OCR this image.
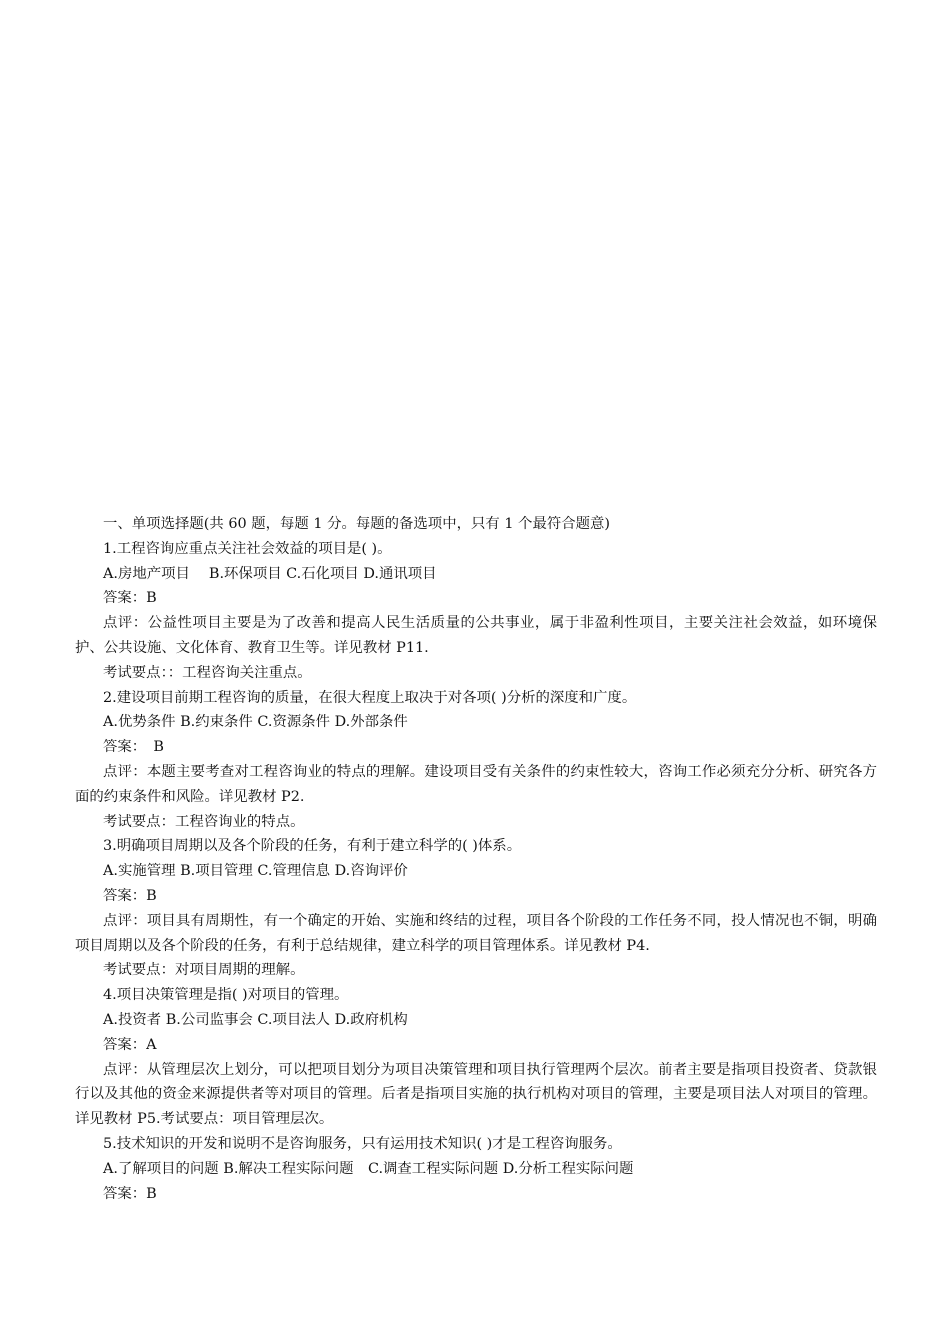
一、单项选择题(共 60 题，每题 1 分。每题的备选项中，只有 1 个最符合题意)
1.工程咨询应重点关注社会效益的项目是( )。
A.房地产项目　 B.环保项目 C.石化项目 D.通讯项目
答案：B
点评：公益性项目主要是为了改善和提高人民生活质量的公共事业，属于非盈利性项目，主要关注社会效益，如环境保护、公共设施、文化体育、教育卫生等。详见教材 P11.
考试要点：：工程咨询关注重点。
2.建设项目前期工程咨询的质量，在很大程度上取决于对各项( )分析的深度和广度。
A.优势条件 B.约束条件 C.资源条件 D.外部条件
答案：　B
点评：本题主要考查对工程咨询业的特点的理解。建设项目受有关条件的约束性较大，咨询工作必须充分分析、研究各方面的约束条件和风险。详见教材 P2.
考试要点：工程咨询业的特点。
3.明确项目周期以及各个阶段的任务，有利于建立科学的( )体系。
A.实施管理 B.项目管理 C.管理信息 D.咨询评价
答案：B
点评：项目具有周期性，有一个确定的开始、实施和终结的过程，项目各个阶段的工作任务不同，投人情况也不铜，明确项目周期以及各个阶段的任务，有利于总结规律，建立科学的项目管理体系。详见教材 P4.
考试要点：对项目周期的理解。
4.项目决策管理是指( )对项目的管理。
A.投资者 B.公司监事会 C.项目法人 D.政府机构
答案：A
点评：从管理层次上划分，可以把项目划分为项目决策管理和项目执行管理两个层次。前者主要是指项目投资者、贷款银行以及其他的资金来源提供者等对项目的管理。后者是指项目实施的执行机构对项目的管理，主要是项目法人对项目的管理。详见教材 P5.考试要点：项目管理层次。
5.技术知识的开发和说明不是咨询服务，只有运用技术知识( )才是工程咨询服务。
A.了解项目的问题 B.解决工程实际问题　C.调查工程实际问题 D.分析工程实际问题
答案：B
